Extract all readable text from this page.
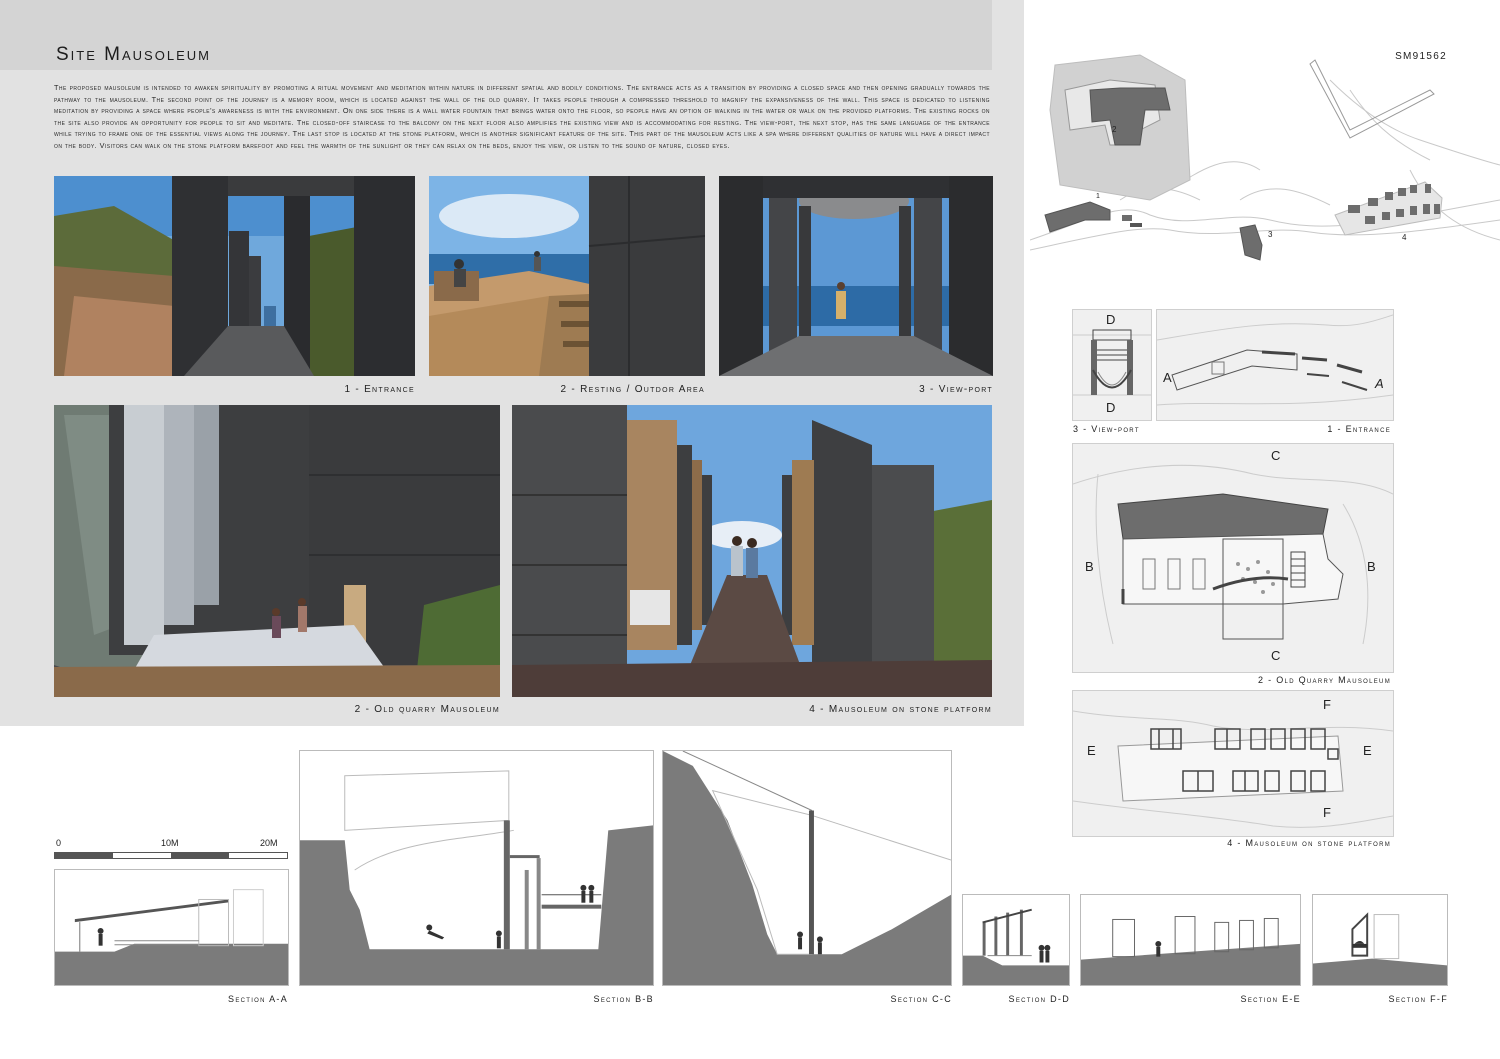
Site Mausoleum
The proposed mausoleum is intended to awaken spirituality by promoting a ritual movement and meditation within nature in different spatial and bodily conditions. The entrance acts as a transition by providing a closed space and then opening gradually towards the pathway to the mausoleum. The second point of the journey is a memory room, which is located against the wall of the old quarry. It takes people through a compressed threshold to magnify the expansiveness of the wall. This space is dedicated to listening meditation by providing a space where people's awareness is with the environment. On one side there is a wall water fountain that brings water onto the floor, so people have an option of walking in the water or walk on the provided platforms. The existing rocks on the site also provide an opportunity for people to sit and meditate. The closed-off staircase to the balcony on the next floor also amplifies the existing view and is accommodating for resting. The view-port, the next stop, has the same language of the entrance while trying to frame one of the essential views along the journey. The last stop is located at the stone platform, which is another significant feature of the site. This part of the mausoleum acts like a spa where different qualities of nature will have a direct impact on the body. Visitors can walk on the stone platform barefoot and feel the warmth of the sunlight or they can relax on the beds, enjoy the view, or listen to the sound of nature, closed eyes.
1 - Entrance	2 - Resting / Outdor Area	3 - View-port
2 - Old quarry Mausoleum	4 - Mausoleum on stone platform
SM91562
1
2
3	4
D
D
A	A
3 - View-port	1 - Entrance
C
C
B	B
2 - Old Quarry Mausoleum
F
F
E	E
4 - Mausoleum on stone platform
0	10M	20M
Section A-A	Section B-B	Section C-C	Section D-D	Section E-E	Section F-F
